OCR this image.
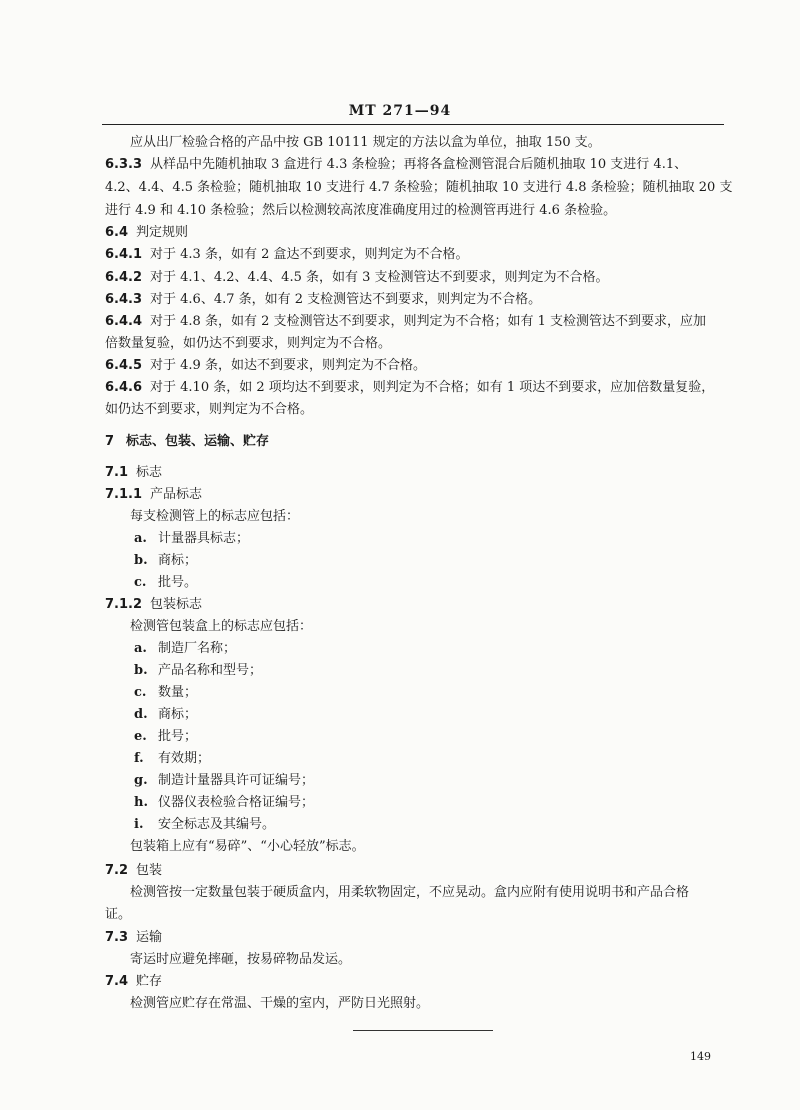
MT 271—94
应从出厂检验合格的产品中按 GB 10111 规定的方法以盒为单位，抽取 150 支。
6.3.3 从样品中先随机抽取 3 盒进行 4.3 条检验；再将各盒检测管混合后随机抽取 10 支进行 4.1、
4.2、4.4、4.5 条检验；随机抽取 10 支进行 4.7 条检验；随机抽取 10 支进行 4.8 条检验；随机抽取 20 支
进行 4.9 和 4.10 条检验；然后以检测较高浓度准确度用过的检测管再进行 4.6 条检验。
6.4 判定规则
6.4.1 对于 4.3 条，如有 2 盒达不到要求，则判定为不合格。
6.4.2 对于 4.1、4.2、4.4、4.5 条，如有 3 支检测管达不到要求，则判定为不合格。
6.4.3 对于 4.6、4.7 条，如有 2 支检测管达不到要求，则判定为不合格。
6.4.4 对于 4.8 条，如有 2 支检测管达不到要求，则判定为不合格；如有 1 支检测管达不到要求，应加
倍数量复验，如仍达不到要求，则判定为不合格。
6.4.5 对于 4.9 条，如达不到要求，则判定为不合格。
6.4.6 对于 4.10 条，如 2 项均达不到要求，则判定为不合格；如有 1 项达不到要求，应加倍数量复验，
如仍达不到要求，则判定为不合格。
7 标志、包装、运输、贮存
7.1 标志
7.1.1 产品标志
每支检测管上的标志应包括：
a. 计量器具标志；
b. 商标；
c. 批号。
7.1.2 包装标志
检测管包装盒上的标志应包括：
a. 制造厂名称；
b. 产品名称和型号；
c. 数量；
d. 商标；
e. 批号；
f. 有效期；
g. 制造计量器具许可证编号；
h. 仪器仪表检验合格证编号；
i. 安全标志及其编号。
包装箱上应有“易碎”、“小心轻放”标志。
7.2 包装
检测管按一定数量包装于硬质盒内，用柔软物固定，不应晃动。盒内应附有使用说明书和产品合格
证。
7.3 运输
寄运时应避免摔砸，按易碎物品发运。
7.4 贮存
检测管应贮存在常温、干燥的室内，严防日光照射。
149
